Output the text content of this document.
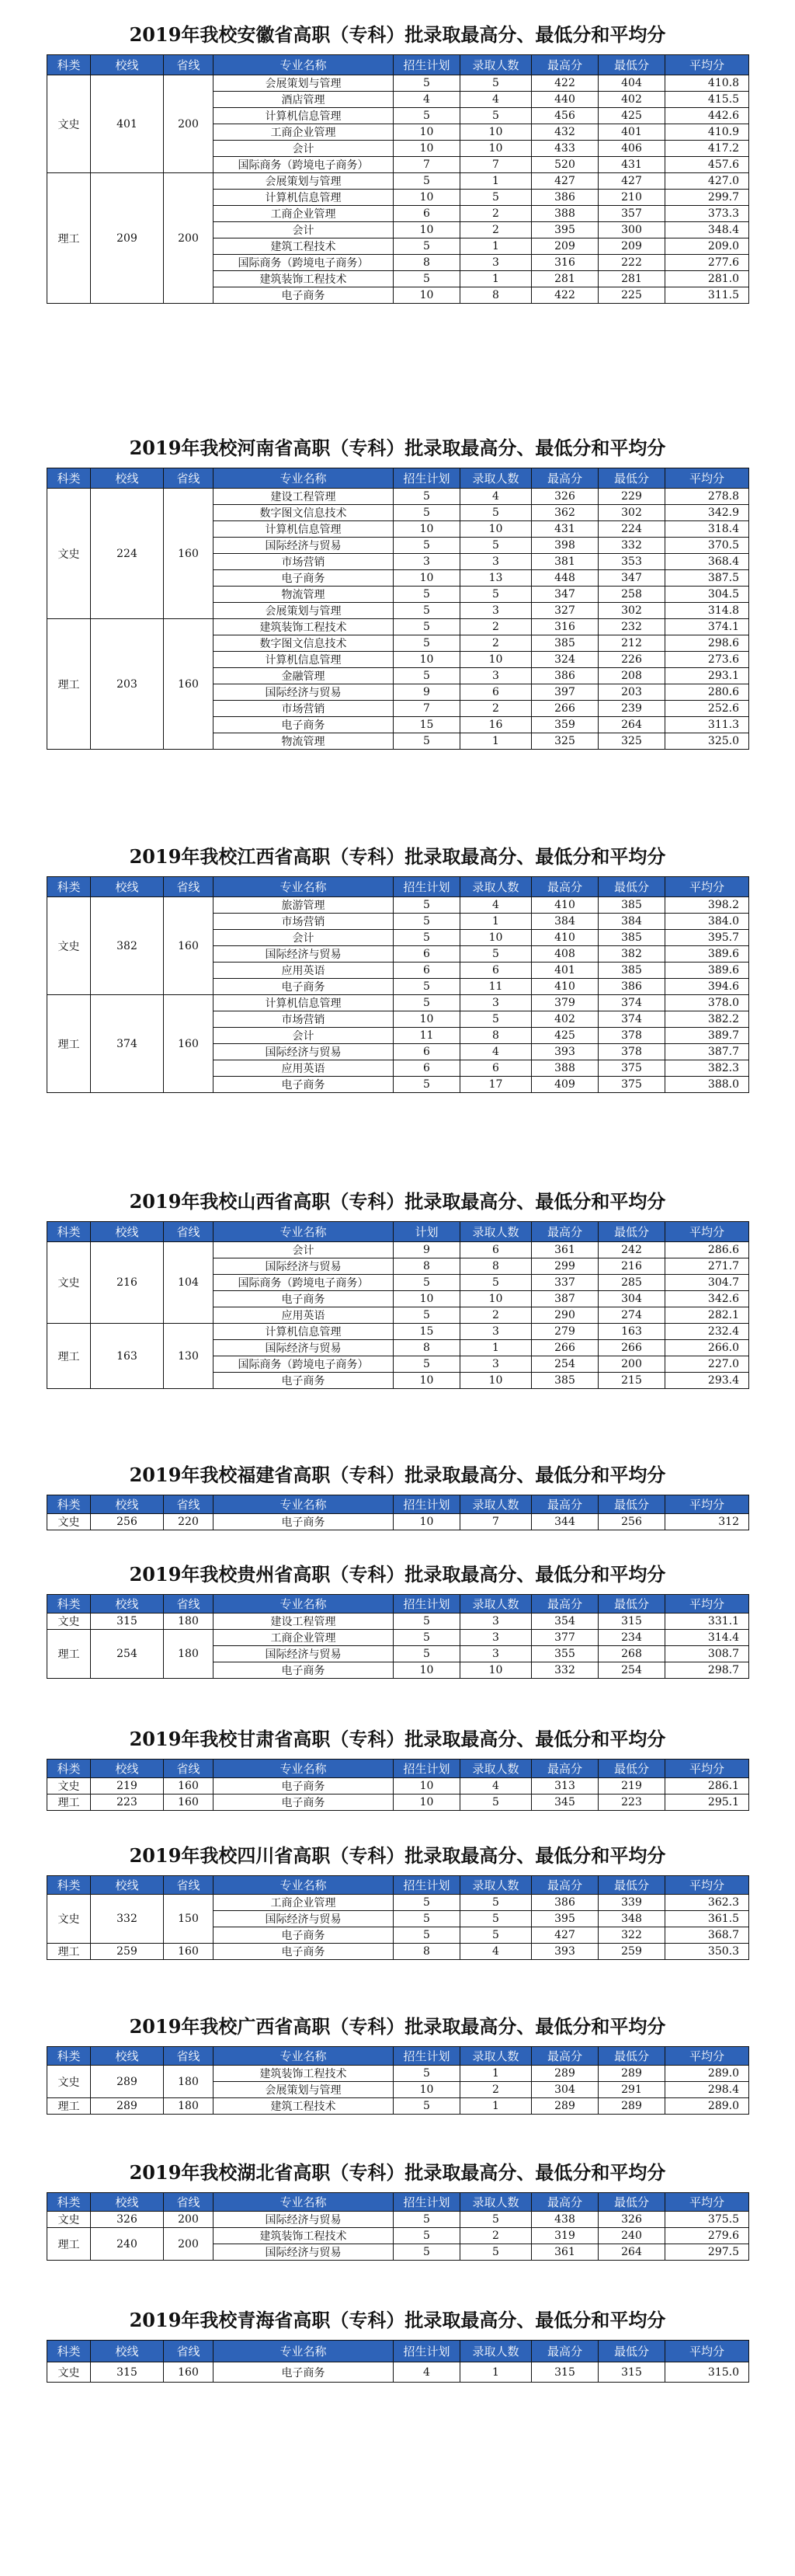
2019年我校安徽省高职（专科）批录取最高分、最低分和平均分
科类	校线	省线	专业名称	招生计划	录取人数	最高分	最低分	平均分
文史	401	200	会展策划与管理	5	5	422	404	410.8
			酒店管理	4	4	440	402	415.5
			计算机信息管理	5	5	456	425	442.6
			工商企业管理	10	10	432	401	410.9
			会计	10	10	433	406	417.2
			国际商务（跨境电子商务）	7	7	520	431	457.6
理工	209	200	会展策划与管理	5	1	427	427	427.0
			计算机信息管理	10	5	386	210	299.7
			工商企业管理	6	2	388	357	373.3
			会计	10	2	395	300	348.4
			建筑工程技术	5	1	209	209	209.0
			国际商务（跨境电子商务）	8	3	316	222	277.6
			建筑装饰工程技术	5	1	281	281	281.0
			电子商务	10	8	422	225	311.5
2019年我校河南省高职（专科）批录取最高分、最低分和平均分
科类	校线	省线	专业名称	招生计划	录取人数	最高分	最低分	平均分
文史	224	160	建设工程管理	5	4	326	229	278.8
			数字图文信息技术	5	5	362	302	342.9
			计算机信息管理	10	10	431	224	318.4
			国际经济与贸易	5	5	398	332	370.5
			市场营销	3	3	381	353	368.4
			电子商务	10	13	448	347	387.5
			物流管理	5	5	347	258	304.5
			会展策划与管理	5	3	327	302	314.8
理工	203	160	建筑装饰工程技术	5	2	316	232	374.1
			数字图文信息技术	5	2	385	212	298.6
			计算机信息管理	10	10	324	226	273.6
			金融管理	5	3	386	208	293.1
			国际经济与贸易	9	6	397	203	280.6
			市场营销	7	2	266	239	252.6
			电子商务	15	16	359	264	311.3
			物流管理	5	1	325	325	325.0
2019年我校江西省高职（专科）批录取最高分、最低分和平均分
科类	校线	省线	专业名称	招生计划	录取人数	最高分	最低分	平均分
文史	382	160	旅游管理	5	4	410	385	398.2
			市场营销	5	1	384	384	384.0
			会计	5	10	410	385	395.7
			国际经济与贸易	6	5	408	382	389.6
			应用英语	6	6	401	385	389.6
			电子商务	5	11	410	386	394.6
理工	374	160	计算机信息管理	5	3	379	374	378.0
			市场营销	10	5	402	374	382.2
			会计	11	8	425	378	389.7
			国际经济与贸易	6	4	393	378	387.7
			应用英语	6	6	388	375	382.3
			电子商务	5	17	409	375	388.0
2019年我校山西省高职（专科）批录取最高分、最低分和平均分
科类	校线	省线	专业名称	计划	录取人数	最高分	最低分	平均分
文史	216	104	会计	9	6	361	242	286.6
			国际经济与贸易	8	8	299	216	271.7
			国际商务（跨境电子商务）	5	5	337	285	304.7
			电子商务	10	10	387	304	342.6
			应用英语	5	2	290	274	282.1
理工	163	130	计算机信息管理	15	3	279	163	232.4
			国际经济与贸易	8	1	266	266	266.0
			国际商务（跨境电子商务）	5	3	254	200	227.0
			电子商务	10	10	385	215	293.4
2019年我校福建省高职（专科）批录取最高分、最低分和平均分
科类	校线	省线	专业名称	招生计划	录取人数	最高分	最低分	平均分
文史	256	220	电子商务	10	7	344	256	312
2019年我校贵州省高职（专科）批录取最高分、最低分和平均分
科类	校线	省线	专业名称	招生计划	录取人数	最高分	最低分	平均分
文史	315	180	建设工程管理	5	3	354	315	331.1
理工	254	180	工商企业管理	5	3	377	234	314.4
			国际经济与贸易	5	3	355	268	308.7
			电子商务	10	10	332	254	298.7
2019年我校甘肃省高职（专科）批录取最高分、最低分和平均分
科类	校线	省线	专业名称	招生计划	录取人数	最高分	最低分	平均分
文史	219	160	电子商务	10	4	313	219	286.1
理工	223	160	电子商务	10	5	345	223	295.1
2019年我校四川省高职（专科）批录取最高分、最低分和平均分
科类	校线	省线	专业名称	招生计划	录取人数	最高分	最低分	平均分
文史	332	150	工商企业管理	5	5	386	339	362.3
			国际经济与贸易	5	5	395	348	361.5
			电子商务	5	5	427	322	368.7
理工	259	160	电子商务	8	4	393	259	350.3
2019年我校广西省高职（专科）批录取最高分、最低分和平均分
科类	校线	省线	专业名称	招生计划	录取人数	最高分	最低分	平均分
文史	289	180	建筑装饰工程技术	5	1	289	289	289.0
			会展策划与管理	10	2	304	291	298.4
理工	289	180	建筑工程技术	5	1	289	289	289.0
2019年我校湖北省高职（专科）批录取最高分、最低分和平均分
科类	校线	省线	专业名称	招生计划	录取人数	最高分	最低分	平均分
文史	326	200	国际经济与贸易	5	5	438	326	375.5
理工	240	200	建筑装饰工程技术	5	2	319	240	279.6
			国际经济与贸易	5	5	361	264	297.5
2019年我校青海省高职（专科）批录取最高分、最低分和平均分
科类	校线	省线	专业名称	招生计划	录取人数	最高分	最低分	平均分
文史	315	160	电子商务	4	1	315	315	315.0
